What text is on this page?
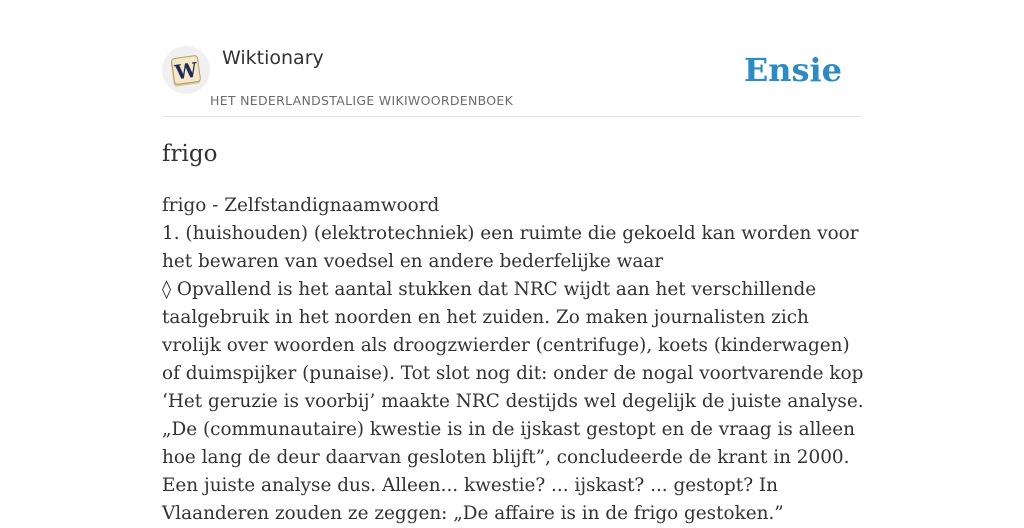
W Wiktionary
HET NEDERLANDSTALIGE WIKIWOORDENBOEK
Ensie
frigo

frigo - Zelfstandignaamwoord

1. (huishouden) (elektrotechniek) een ruimte die gekoeld kan worden voor het bewaren van voedsel en andere bederfelijke waar

◊ Opvallend is het aantal stukken dat NRC wijdt aan het verschillende taalgebruik in het noorden en het zuiden. Zo maken journalisten zich vrolijk over woorden als droogzwierder (centrifuge), koets (kinderwagen) of duimspijker (punaise). Tot slot nog dit: onder de nogal voortvarende kop ‘Het geruzie is voorbij’ maakte NRC destijds wel degelijk de juiste analyse. „De (communautaire) kwestie is in de ijskast gestopt en de vraag is alleen hoe lang de deur daarvan gesloten blijft”, concludeerde de krant in 2000. Een juiste analyse dus. Alleen... kwestie? ... ijskast? ... gestopt? In Vlaanderen zouden ze zeggen: „De affaire is in de frigo gestoken.”
